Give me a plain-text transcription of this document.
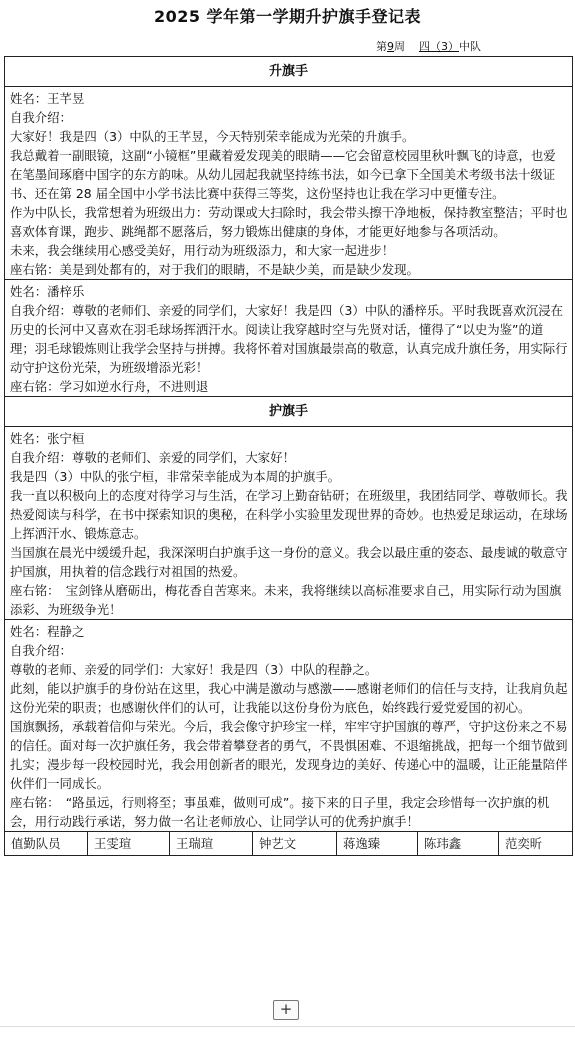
2025 学年第一学期升护旗手登记表
第9周 四（3）中队
升旗手

姓名：王芊昱

自我介绍：

大家好！我是四（3）中队的王芊昱，今天特别荣幸能成为光荣的升旗手。

我总戴着一副眼镜，这副“小镜框”里藏着爱发现美的眼睛——它会留意校园里秋叶飘飞的诗意，也爱在笔墨间琢磨中国字的东方韵味。从幼儿园起我就坚持练书法，如今已拿下全国美术考级书法十级证书、还在第 28 届全国中小学书法比赛中获得三等奖，这份坚持也让我在学习中更懂专注。

作为中队长，我常想着为班级出力：劳动课或大扫除时，我会带头擦干净地板，保持教室整洁；平时也喜欢体育课，跑步、跳绳都不愿落后，努力锻炼出健康的身体，才能更好地参与各项活动。

未来，我会继续用心感受美好，用行动为班级添力，和大家一起进步！

座右铭：美是到处都有的，对于我们的眼睛，不是缺少美，而是缺少发现。

姓名：潘梓乐

自我介绍：尊敬的老师们、亲爱的同学们，大家好！我是四（3）中队的潘梓乐。平时我既喜欢沉浸在历史的长河中又喜欢在羽毛球场挥洒汗水。阅读让我穿越时空与先贤对话，懂得了“以史为鉴”的道理；羽毛球锻炼则让我学会坚持与拼搏。我将怀着对国旗最崇高的敬意，认真完成升旗任务，用实际行动守护这份光荣，为班级增添光彩！

座右铭：学习如逆水行舟，不进则退

护旗手

姓名：张宁桓

自我介绍：尊敬的老师们、亲爱的同学们，大家好！

我是四（3）中队的张宁桓，非常荣幸能成为本周的护旗手。

我一直以积极向上的态度对待学习与生活，在学习上勤奋钻研；在班级里，我团结同学、尊敬师长。我热爱阅读与科学，在书中探索知识的奥秘，在科学小实验里发现世界的奇妙。也热爱足球运动，在球场上挥洒汗水、锻炼意志。

当国旗在晨光中缓缓升起，我深深明白护旗手这一身份的意义。我会以最庄重的姿态、最虔诚的敬意守护国旗，用执着的信念践行对祖国的热爱。

座右铭：　宝剑锋从磨砺出，梅花香自苦寒来。未来，我将继续以高标准要求自己，用实际行动为国旗添彩、为班级争光！

姓名：程静之

自我介绍：

尊敬的老师、亲爱的同学们：大家好！我是四（3）中队的程静之。

此刻，能以护旗手的身份站在这里，我心中满是激动与感激——感谢老师们的信任与支持，让我肩负起这份光荣的职责；也感谢伙伴们的认可，让我能以这份身份为底色，始终践行爱党爱国的初心。

国旗飘扬，承载着信仰与荣光。今后，我会像守护珍宝一样，牢牢守护国旗的尊严，守护这份来之不易的信任。面对每一次护旗任务，我会带着攀登者的勇气，不畏惧困难、不退缩挑战，把每一个细节做到扎实；漫步每一段校园时光，我会用创新者的眼光，发现身边的美好、传递心中的温暖，让正能量陪伴伙伴们一同成长。

座右铭：　“路虽远，行则将至；事虽难，做则可成”。接下来的日子里，我定会珍惜每一次护旗的机会，用行动践行承诺，努力做一名让老师放心、让同学认可的优秀护旗手！

值勤队员	王雯瑄	王瑞瑄	钟艺文	蒋逸臻	陈玮鑫	范奕昕
+
